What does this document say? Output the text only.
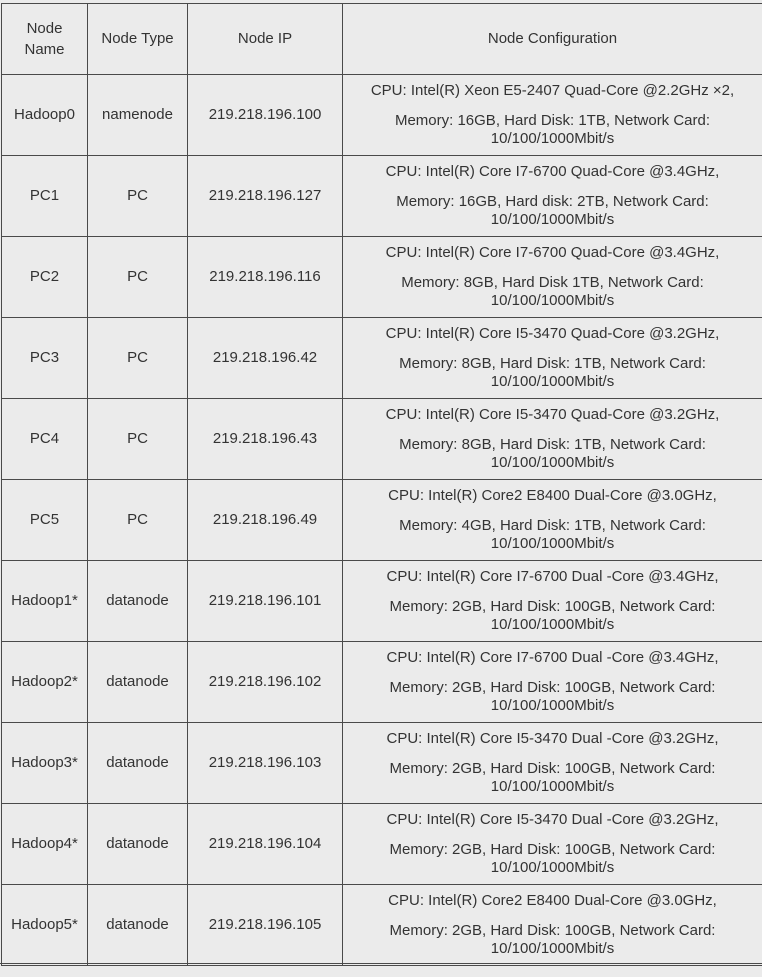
Node Name	Node Type	Node IP	Node Configuration
Hadoop0	namenode	219.218.196.100	CPU: Intel(R) Xeon E5-2407 Quad-Core @2.2GHz ×2,
Memory: 16GB, Hard Disk: 1TB, Network Card:
10/100/1000Mbit/s

PC1	PC	219.218.196.127	CPU: Intel(R) Core I7-6700 Quad-Core @3.4GHz,
Memory: 16GB, Hard disk: 2TB, Network Card:
10/100/1000Mbit/s

PC2	PC	219.218.196.116	CPU: Intel(R) Core I7-6700 Quad-Core @3.4GHz,
Memory: 8GB, Hard Disk 1TB, Network Card:
10/100/1000Mbit/s

PC3	PC	219.218.196.42	CPU: Intel(R) Core I5-3470 Quad-Core @3.2GHz,
Memory: 8GB, Hard Disk: 1TB, Network Card:
10/100/1000Mbit/s

PC4	PC	219.218.196.43	CPU: Intel(R) Core I5-3470 Quad-Core @3.2GHz,
Memory: 8GB, Hard Disk: 1TB, Network Card:
10/100/1000Mbit/s

PC5	PC	219.218.196.49	CPU: Intel(R) Core2 E8400 Dual-Core @3.0GHz,
Memory: 4GB, Hard Disk: 1TB, Network Card:
10/100/1000Mbit/s

Hadoop1*	datanode	219.218.196.101	CPU: Intel(R) Core I7-6700 Dual -Core @3.4GHz,
Memory: 2GB, Hard Disk: 100GB, Network Card:
10/100/1000Mbit/s

Hadoop2*	datanode	219.218.196.102	CPU: Intel(R) Core I7-6700 Dual -Core @3.4GHz,
Memory: 2GB, Hard Disk: 100GB, Network Card:
10/100/1000Mbit/s

Hadoop3*	datanode	219.218.196.103	CPU: Intel(R) Core I5-3470 Dual -Core @3.2GHz,
Memory: 2GB, Hard Disk: 100GB, Network Card:
10/100/1000Mbit/s

Hadoop4*	datanode	219.218.196.104	CPU: Intel(R) Core I5-3470 Dual -Core @3.2GHz,
Memory: 2GB, Hard Disk: 100GB, Network Card:
10/100/1000Mbit/s

Hadoop5*	datanode	219.218.196.105	CPU: Intel(R) Core2 E8400 Dual-Core @3.0GHz,
Memory: 2GB, Hard Disk: 100GB, Network Card:
10/100/1000Mbit/s
